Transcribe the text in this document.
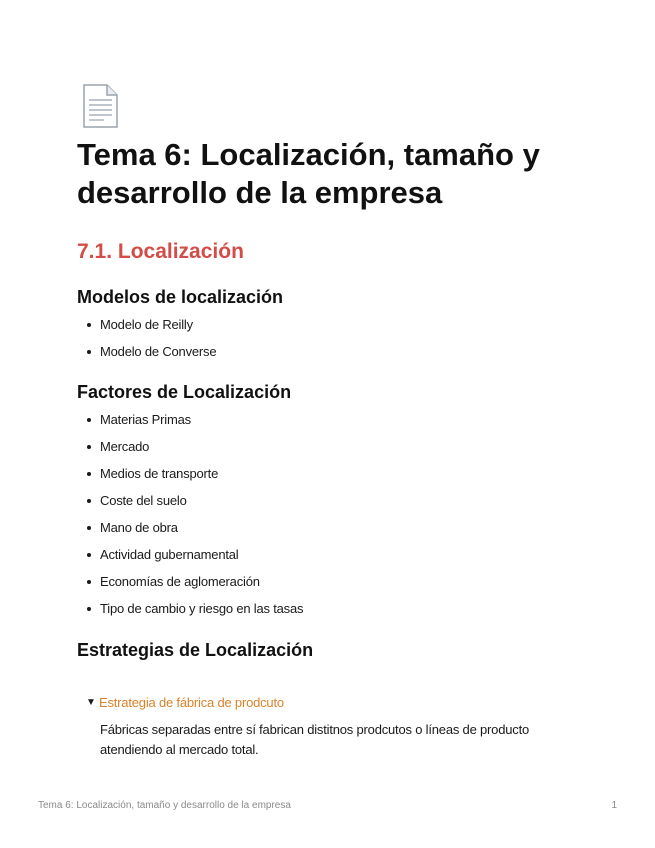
Tema 6: Localización, tamaño y desarrollo de la empresa
7.1. Localización
Modelos de localización
Modelo de Reilly
Modelo de Converse
Factores de Localización
Materias Primas
Mercado
Medios de transporte
Coste del suelo
Mano de obra
Actividad gubernamental
Economías de aglomeración
Tipo de cambio y riesgo en las tasas
Estrategias de Localización
▼ Estrategia de fábrica de prodcuto
Fábricas separadas entre sí fabrican distitnos prodcutos o líneas de producto atendiendo al mercado total.
Tema 6: Localización, tamaño y desarrollo de la empresa	1
